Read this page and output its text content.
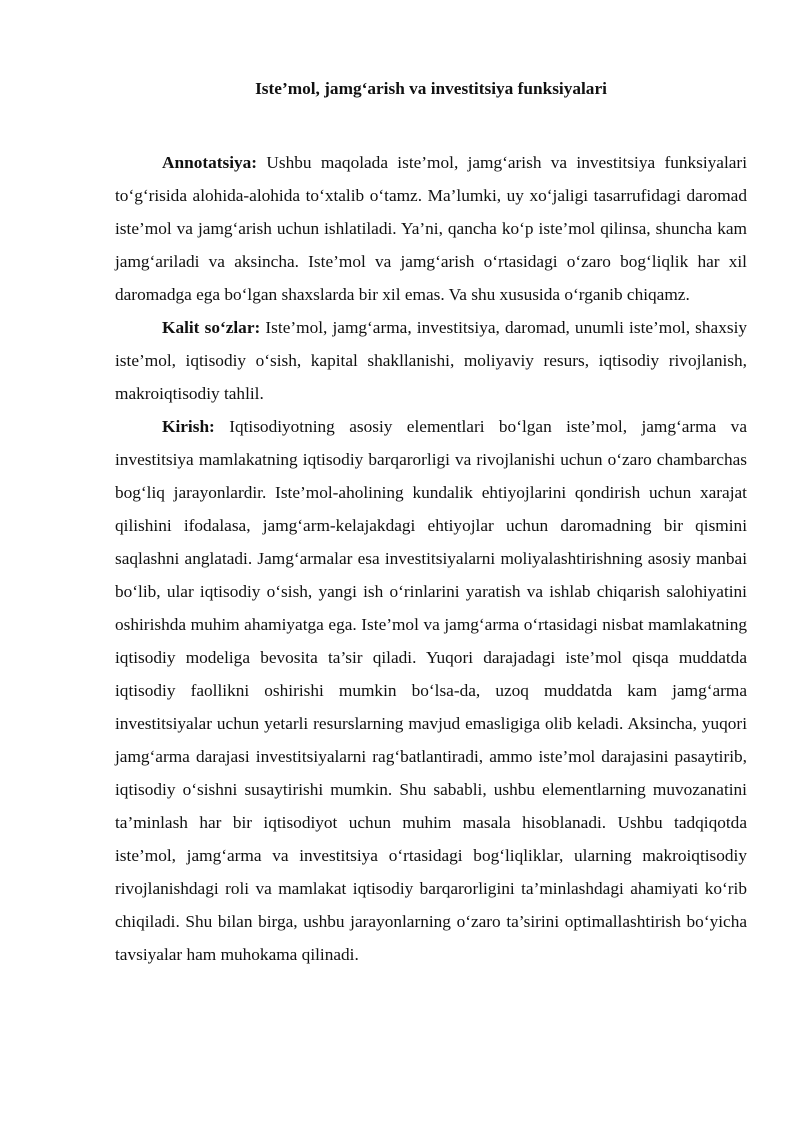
Iste’mol, jamg‘arish va investitsiya funksiyalari

Annotatsiya: Ushbu maqolada iste’mol, jamg‘arish va investitsiya funksiyalari to‘g‘risida alohida-alohida to‘xtalib o‘tamz. Ma’lumki, uy xo‘jaligi tasarrufidagi daromad iste’mol va jamg‘arish uchun ishlatiladi. Ya’ni, qancha ko‘p iste’mol qilinsa, shuncha kam jamg‘ariladi va aksincha. Iste’mol va jamg‘arish o‘rtasidagi o‘zaro bog‘liqlik har xil daromadga ega bo‘lgan shaxslarda bir xil emas. Va shu xususida o‘rganib chiqamz.

Kalit so‘zlar: Iste’mol, jamg‘arma, investitsiya, daromad, unumli iste’mol, shaxsiy iste’mol, iqtisodiy o‘sish, kapital shakllanishi, moliyaviy resurs, iqtisodiy rivojlanish, makroiqtisodiy tahlil.

Kirish: Iqtisodiyotning asosiy elementlari bo‘lgan iste’mol, jamg‘arma va investitsiya mamlakatning iqtisodiy barqarorligi va rivojlanishi uchun o‘zaro chambarchas bog‘liq jarayonlardir. Iste’mol-aholining kundalik ehtiyojlarini qondirish uchun xarajat qilishini ifodalasa, jamg‘arm-kelajakdagi ehtiyojlar uchun daromadning bir qismini saqlashni anglatadi. Jamg‘armalar esa investitsiyalarni moliyalashtirishning asosiy manbai bo‘lib, ular iqtisodiy o‘sish, yangi ish o‘rinlarini yaratish va ishlab chiqarish salohiyatini oshirishda muhim ahamiyatga ega. Iste’mol va jamg‘arma o‘rtasidagi nisbat mamlakatning iqtisodiy modeliga bevosita ta’sir qiladi. Yuqori darajadagi iste’mol qisqa muddatda iqtisodiy faollikni oshirishi mumkin bo‘lsa-da, uzoq muddatda kam jamg‘arma investitsiyalar uchun yetarli resurslarning mavjud emasligiga olib keladi. Aksincha, yuqori jamg‘arma darajasi investitsiyalarni rag‘batlantiradi, ammo iste’mol darajasini pasaytirib, iqtisodiy o‘sishni susaytirishi mumkin. Shu sababli, ushbu elementlarning muvozanatini ta’minlash har bir iqtisodiyot uchun muhim masala hisoblanadi. Ushbu tadqiqotda iste’mol, jamg‘arma va investitsiya o‘rtasidagi bog‘liqliklar, ularning makroiqtisodiy rivojlanishdagi roli va mamlakat iqtisodiy barqarorligini ta’minlashdagi ahamiyati ko‘rib chiqiladi. Shu bilan birga, ushbu jarayonlarning o‘zaro ta’sirini optimallashtirish bo‘yicha tavsiyalar ham muhokama qilinadi.
